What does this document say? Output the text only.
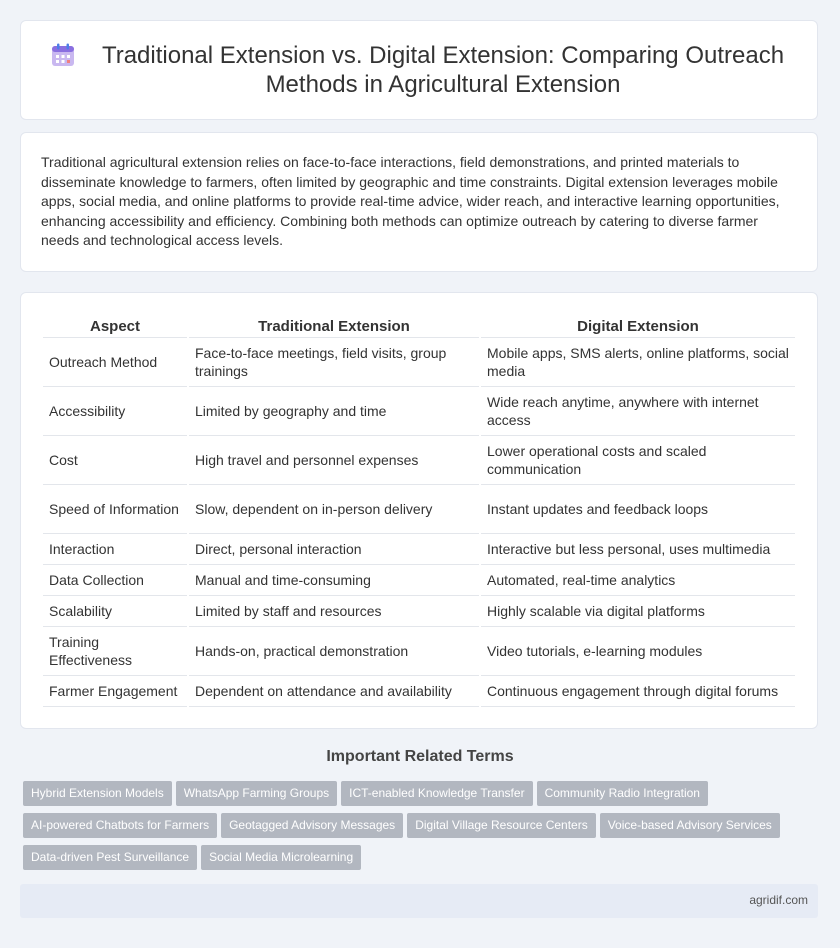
Traditional Extension vs. Digital Extension: Comparing Outreach Methods in Agricultural Extension

Traditional agricultural extension relies on face-to-face interactions, field demonstrations, and printed materials to disseminate knowledge to farmers, often limited by geographic and time constraints. Digital extension leverages mobile apps, social media, and online platforms to provide real-time advice, wider reach, and interactive learning opportunities, enhancing accessibility and efficiency. Combining both methods can optimize outreach by catering to diverse farmer needs and technological access levels.

Aspect	Traditional Extension	Digital Extension
Outreach Method	Face-to-face meetings, field visits, group trainings	Mobile apps, SMS alerts, online platforms, social media
Accessibility	Limited by geography and time	Wide reach anytime, anywhere with internet access
Cost	High travel and personnel expenses	Lower operational costs and scaled communication
Speed of Information	Slow, dependent on in-person delivery	Instant updates and feedback loops
Interaction	Direct, personal interaction	Interactive but less personal, uses multimedia
Data Collection	Manual and time-consuming	Automated, real-time analytics
Scalability	Limited by staff and resources	Highly scalable via digital platforms
Training Effectiveness	Hands-on, practical demonstration	Video tutorials, e-learning modules
Farmer Engagement	Dependent on attendance and availability	Continuous engagement through digital forums
Important Related Terms
Hybrid Extension Models WhatsApp Farming Groups ICT-enabled Knowledge Transfer Community Radio Integration
AI-powered Chatbots for Farmers Geotagged Advisory Messages Digital Village Resource Centers Voice-based Advisory Services
Data-driven Pest Surveillance Social Media Microlearning
agridif.com
